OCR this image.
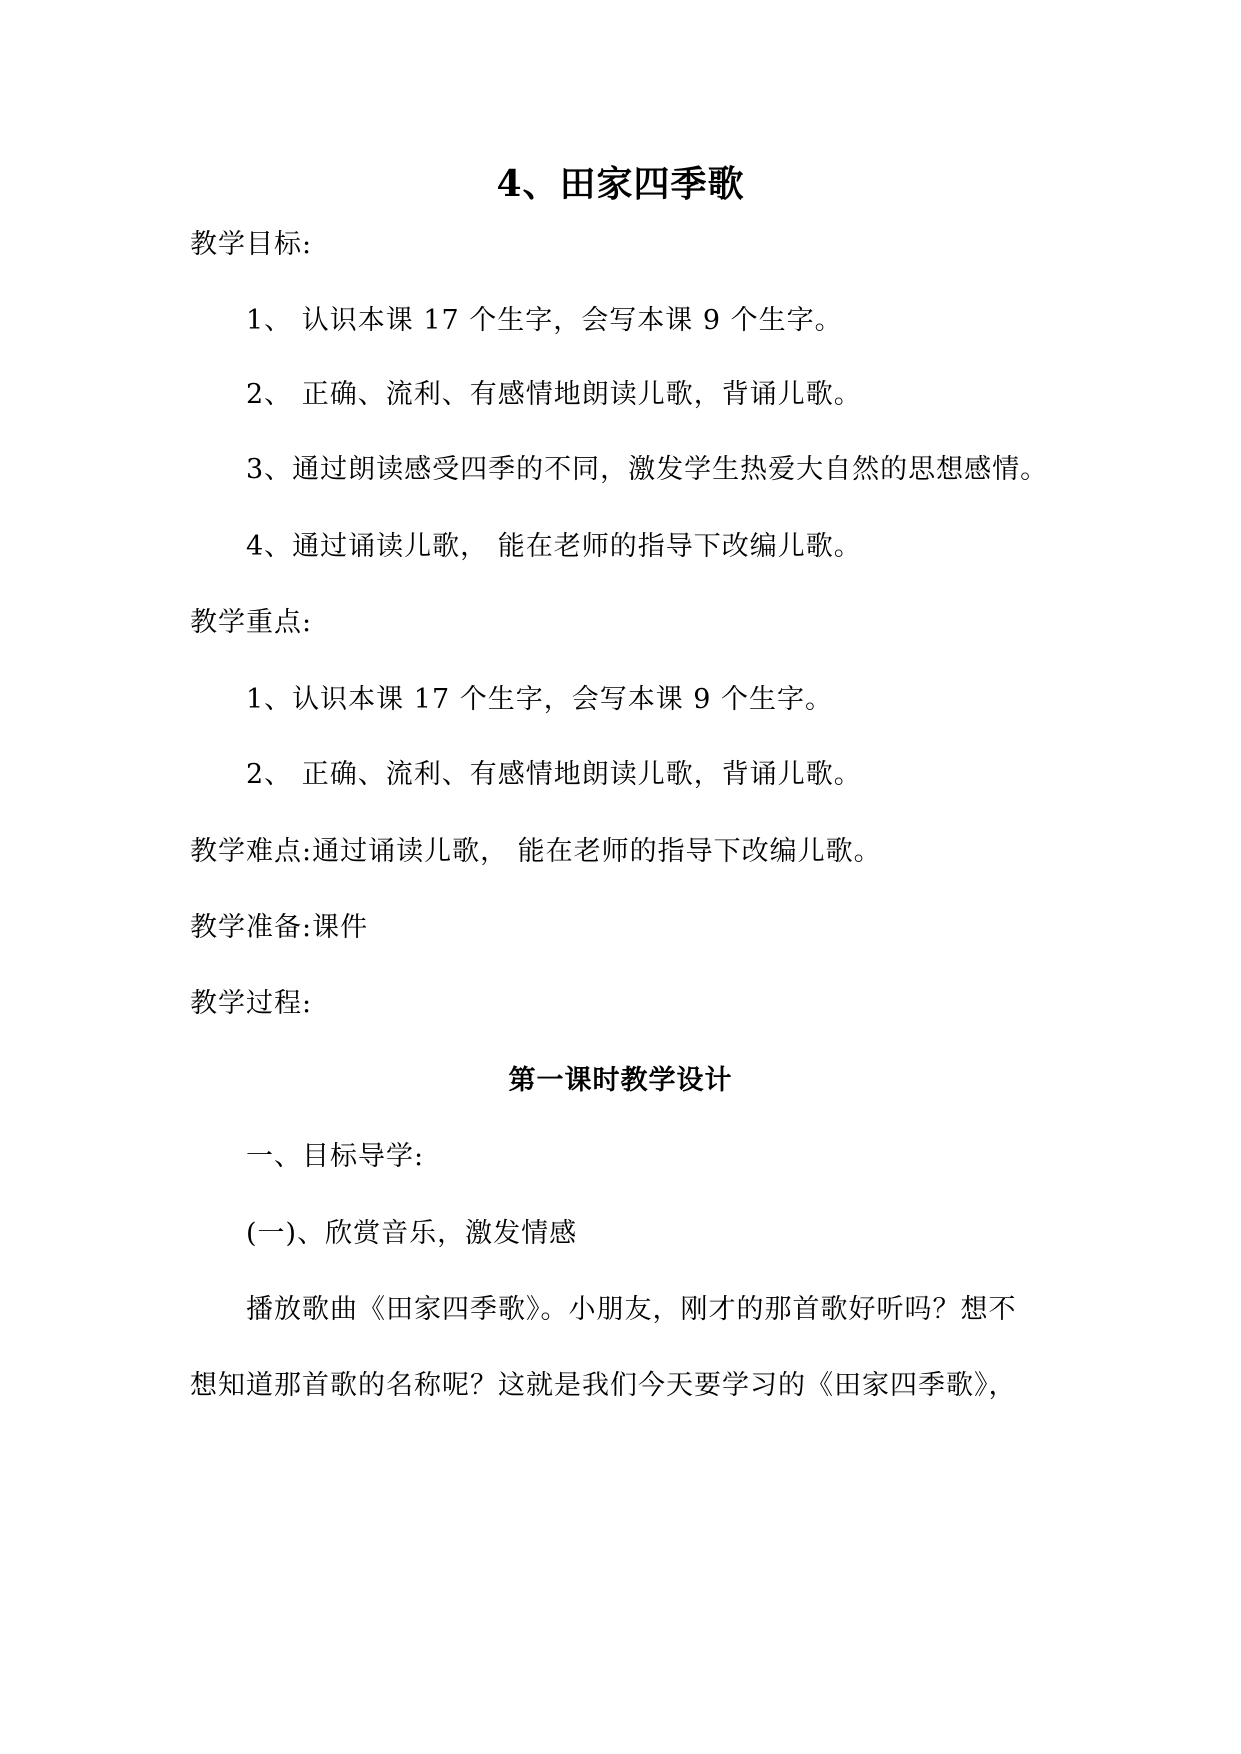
4、田家四季歌
教学目标:
1、 认识本课 17 个生字，会写本课 9 个生字。
2、 正确、流利、有感情地朗读儿歌，背诵儿歌。
3、通过朗读感受四季的不同，激发学生热爱大自然的思想感情。
4、通过诵读儿歌， 能在老师的指导下改编儿歌。
教学重点:
1、认识本课 17 个生字，会写本课 9 个生字。
2、 正确、流利、有感情地朗读儿歌，背诵儿歌。
教学难点:通过诵读儿歌， 能在老师的指导下改编儿歌。
教学准备:课件
教学过程:
第一课时教学设计
一、目标导学:
(一)、欣赏音乐，激发情感
播放歌曲《田家四季歌》。小朋友，刚才的那首歌好听吗？想不
想知道那首歌的名称呢？这就是我们今天要学习的《田家四季歌》，
